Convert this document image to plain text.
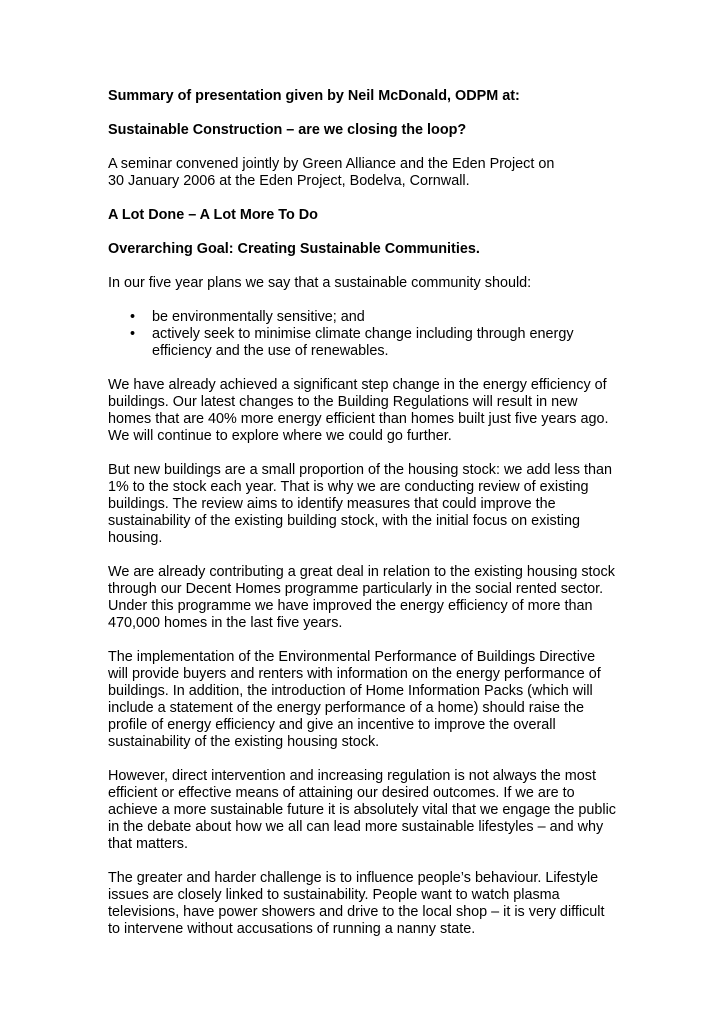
Summary of presentation given by Neil McDonald, ODPM at:

Sustainable Construction – are we closing the loop?

A seminar convened jointly by Green Alliance and the Eden Project on
30 January 2006 at the Eden Project, Bodelva, Cornwall.

A Lot Done – A Lot More To Do

Overarching Goal: Creating Sustainable Communities.

In our five year plans we say that a sustainable community should:

• be environmentally sensitive; and
• actively seek to minimise climate change including through energy efficiency and the use of renewables.

We have already achieved a significant step change in the energy efficiency of buildings. Our latest changes to the Building Regulations will result in new homes that are 40% more energy efficient than homes built just five years ago. We will continue to explore where we could go further.

But new buildings are a small proportion of the housing stock: we add less than 1% to the stock each year. That is why we are conducting review of existing buildings. The review aims to identify measures that could improve the sustainability of the existing building stock, with the initial focus on existing housing.

We are already contributing a great deal in relation to the existing housing stock through our Decent Homes programme particularly in the social rented sector. Under this programme we have improved the energy efficiency of more than 470,000 homes in the last five years.

The implementation of the Environmental Performance of Buildings Directive will provide buyers and renters with information on the energy performance of buildings. In addition, the introduction of Home Information Packs (which will include a statement of the energy performance of a home) should raise the profile of energy efficiency and give an incentive to improve the overall sustainability of the existing housing stock.

However, direct intervention and increasing regulation is not always the most efficient or effective means of attaining our desired outcomes. If we are to achieve a more sustainable future it is absolutely vital that we engage the public in the debate about how we all can lead more sustainable lifestyles – and why that matters.

The greater and harder challenge is to influence people’s behaviour. Lifestyle issues are closely linked to sustainability. People want to watch plasma televisions, have power showers and drive to the local shop – it is very difficult to intervene without accusations of running a nanny state.
